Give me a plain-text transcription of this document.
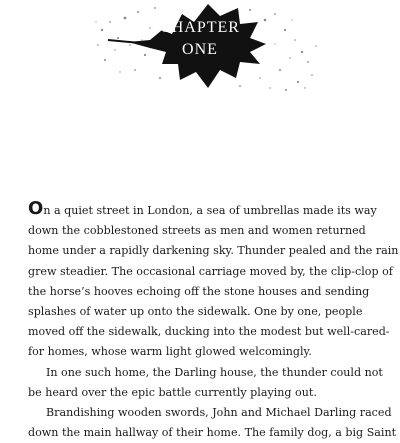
CHAPTER
ONE
On a quiet street in London, a sea of umbrellas made its way
down the cobblestoned streets as men and women returned
home under a rapidly darkening sky. Thunder pealed and the rain
grew steadier. The occasional carriage moved by, the clip-clop of
the horse’s hooves echoing off the stone houses and sending
splashes of water up onto the sidewalk. One by one, people
moved off the sidewalk, ducking into the modest but well-cared-
for homes, whose warm light glowed welcomingly.
In one such home, the Darling house, the thunder could not
be heard over the epic battle currently playing out.
Brandishing wooden swords, John and Michael Darling raced
down the main hallway of their home. The family dog, a big Saint
